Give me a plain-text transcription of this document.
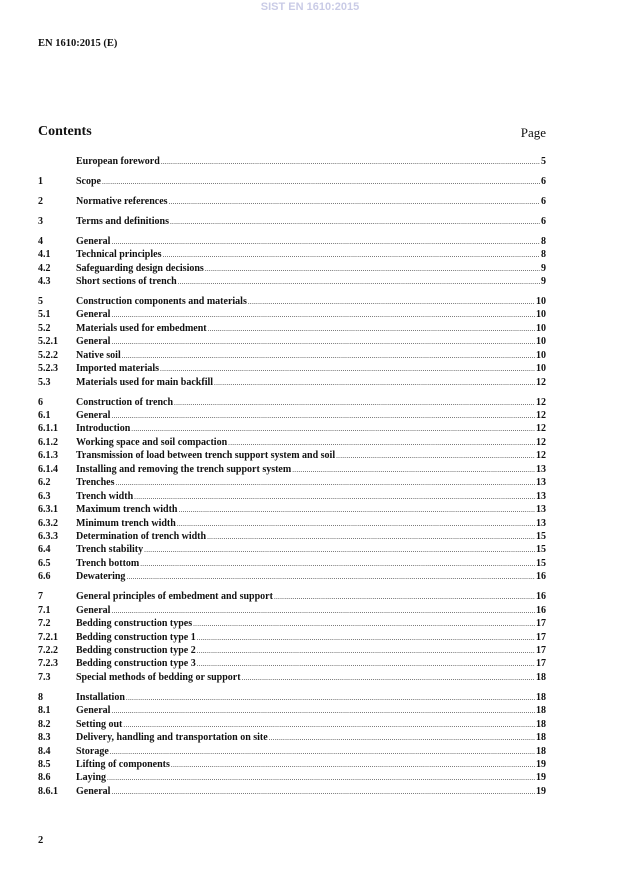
SIST EN 1610:2015
EN 1610:2015 (E)
Contents	Page
European foreword .....	5
1	Scope .....	6
2	Normative references .....	6
3	Terms and definitions .....	6
4	General .....	8
4.1	Technical principles .....	8
4.2	Safeguarding design decisions .....	9
4.3	Short sections of trench .....	9
5	Construction components and materials .....	10
5.1	General .....	10
5.2	Materials used for embedment .....	10
5.2.1	General .....	10
5.2.2	Native soil .....	10
5.2.3	Imported materials .....	10
5.3	Materials used for main backfill .....	12
6	Construction of trench .....	12
6.1	General .....	12
6.1.1	Introduction .....	12
6.1.2	Working space and soil compaction .....	12
6.1.3	Transmission of load between trench support system and soil .....	12
6.1.4	Installing and removing the trench support system .....	13
6.2	Trenches .....	13
6.3	Trench width .....	13
6.3.1	Maximum trench width .....	13
6.3.2	Minimum trench width .....	13
6.3.3	Determination of trench width .....	15
6.4	Trench stability .....	15
6.5	Trench bottom .....	15
6.6	Dewatering .....	16
7	General principles of embedment and support .....	16
7.1	General .....	16
7.2	Bedding construction types .....	17
7.2.1	Bedding construction type 1 .....	17
7.2.2	Bedding construction type 2 .....	17
7.2.3	Bedding construction type 3 .....	17
7.3	Special methods of bedding or support .....	18
8	Installation .....	18
8.1	General .....	18
8.2	Setting out .....	18
8.3	Delivery, handling and transportation on site .....	18
8.4	Storage .....	18
8.5	Lifting of components .....	19
8.6	Laying .....	19
8.6.1	General .....	19
2
